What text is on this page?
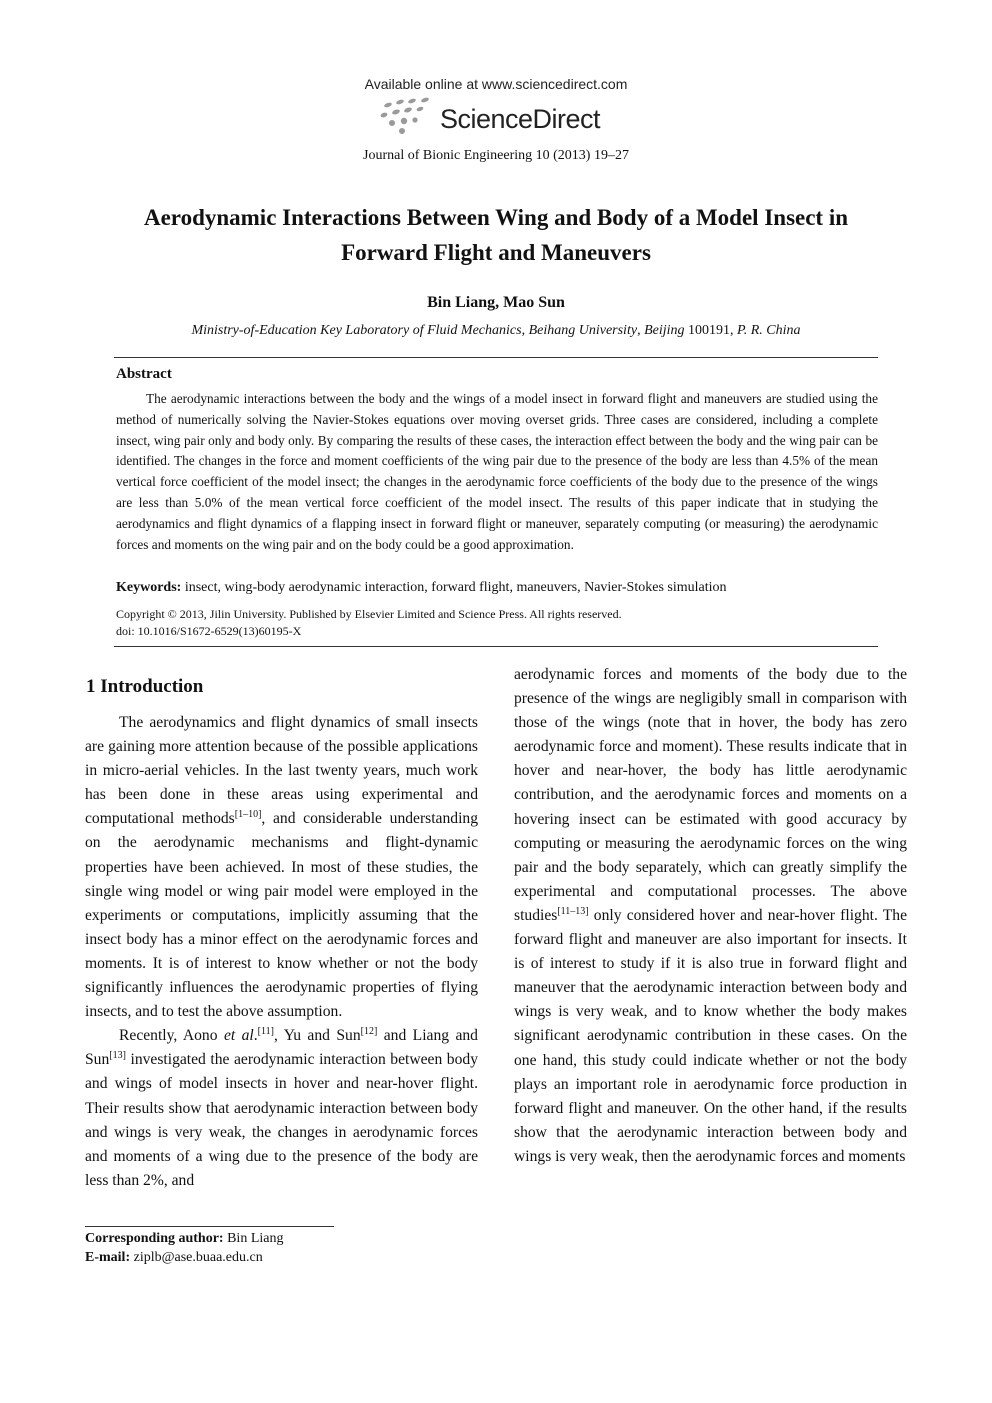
Available online at www.sciencedirect.com
ScienceDirect
Journal of Bionic Engineering 10 (2013) 19–27
Aerodynamic Interactions Between Wing and Body of a Model Insect in Forward Flight and Maneuvers
Bin Liang, Mao Sun
Ministry-of-Education Key Laboratory of Fluid Mechanics, Beihang University, Beijing 100191, P. R. China
Abstract
The aerodynamic interactions between the body and the wings of a model insect in forward flight and maneuvers are studied using the method of numerically solving the Navier-Stokes equations over moving overset grids. Three cases are considered, including a complete insect, wing pair only and body only. By comparing the results of these cases, the interaction effect between the body and the wing pair can be identified. The changes in the force and moment coefficients of the wing pair due to the presence of the body are less than 4.5% of the mean vertical force coefficient of the model insect; the changes in the aerodynamic force coefficients of the body due to the presence of the wings are less than 5.0% of the mean vertical force coefficient of the model insect. The results of this paper indicate that in studying the aerodynamics and flight dynamics of a flapping insect in forward flight or maneuver, separately computing (or measuring) the aerodynamic forces and moments on the wing pair and on the body could be a good approximation.
Keywords: insect, wing-body aerodynamic interaction, forward flight, maneuvers, Navier-Stokes simulation
Copyright © 2013, Jilin University. Published by Elsevier Limited and Science Press. All rights reserved.
doi: 10.1016/S1672-6529(13)60195-X
1 Introduction

The aerodynamics and flight dynamics of small insects are gaining more attention because of the possible applications in micro-aerial vehicles. In the last twenty years, much work has been done in these areas using experimental and computational methods[1–10], and considerable understanding on the aerodynamic mechanisms and flight-dynamic properties have been achieved. In most of these studies, the single wing model or wing pair model were employed in the experiments or computations, implicitly assuming that the insect body has a minor effect on the aerodynamic forces and moments. It is of interest to know whether or not the body significantly influences the aerodynamic properties of flying insects, and to test the above assumption.

Recently, Aono et al.[11], Yu and Sun[12] and Liang and Sun[13] investigated the aerodynamic interaction between body and wings of model insects in hover and near-hover flight. Their results show that aerodynamic interaction between body and wings is very weak, the changes in aerodynamic forces and moments of a wing due to the presence of the body are less than 2%, and

aerodynamic forces and moments of the body due to the presence of the wings are negligibly small in comparison with those of the wings (note that in hover, the body has zero aerodynamic force and moment). These results indicate that in hover and near-hover, the body has little aerodynamic contribution, and the aerodynamic forces and moments on a hovering insect can be estimated with good accuracy by computing or measuring the aerodynamic forces on the wing pair and the body separately, which can greatly simplify the experimental and computational processes. The above studies[11–13] only considered hover and near-hover flight. The forward flight and maneuver are also important for insects. It is of interest to study if it is also true in forward flight and maneuver that the aerodynamic interaction between body and wings is very weak, and to know whether the body makes significant aerodynamic contribution in these cases. On the one hand, this study could indicate whether or not the body plays an important role in aerodynamic force production in forward flight and maneuver. On the other hand, if the results show that the aerodynamic interaction between body and wings is very weak, then the aerodynamic forces and moments

Corresponding author: Bin Liang
E-mail: ziplb@ase.buaa.edu.cn
